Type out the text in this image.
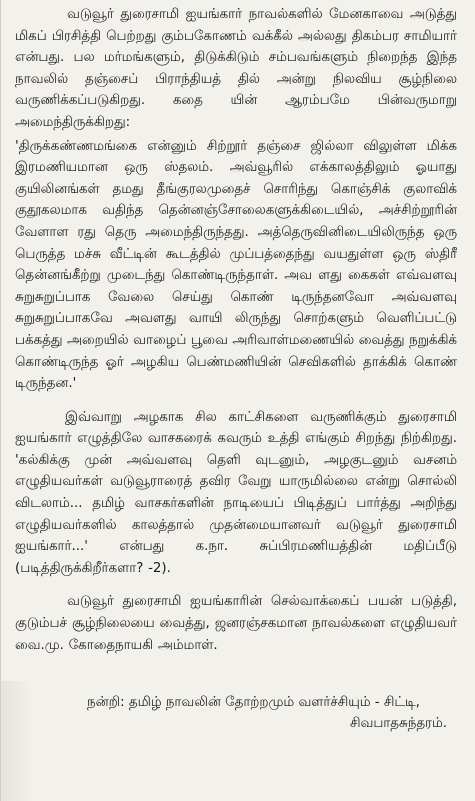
வடுவூர் துரைசாமி ஐயங்கார் நாவல்களில் மேனகாவை அடுத்து மிகப் பிரசித்தி பெற்றது கும்பகோணம் வக்கீல் அல்லது திகம்பர சாமியார் என்பது. பல மர்மங்களும், திடுக்கிடும் சம்பவங்களும் நிறைந்த இந்த நாவலில் தஞ்சைப் பிராந்தியத் தில் அன்று நிலவிய சூழ்நிலை வருணிக்கப்படுகிறது. கதை யின் ஆரம்பமே பின்வருமாறு அமைந்திருக்கிறது:

'திருக்கண்ணமங்கை என்னும் சிற்றூர் தஞ்சை ஜில்லா விலுள்ள மிக்க இரமணியமான ஒரு ஸ்தலம். அவ்வூரில் எக்காலத்திலும் ஓயாது குயிலினங்கள் தமது தீங்குரலமுதைச் சொரிந்து கொஞ்சிக் குலாவிக் குதூகலமாக வதிந்த தென்னஞ்சோலைகளுக்கிடையில், அச்சிற்றூரின் வேளாள ரது தெரு அமைந்திருந்தது. அத்தெருவினிடையிலிருந்த ஒரு பெருத்த மச்சு வீட்டின் கூடத்தில் முப்பத்தைந்து வயதுள்ள ஒரு ஸ்திரீ தென்னங்கீற்று முடைந்து கொண்டிருந்தாள். அவ ளது கைகள் எவ்வளவு சுறுசுறுப்பாக வேலை செய்து கொண் டிருந்தனவோ அவ்வளவு சுறுசுறுப்பாகவே அவளது வாயி லிருந்து சொற்களும் வெளிப்பட்டு பக்கத்து அறையில் வாழைப் பூவை அரிவாள்மணையில் வைத்து நறுக்கிக் கொண்டிருந்த ஓர் அழகிய பெண்மணியின் செவிகளில் தாக்கிக் கொண் டிருந்தன.'

இவ்வாறு அழகாக சில காட்சிகளை வருணிக்கும் துரைசாமி ஐயங்கார் எழுத்திலே வாசகரைக் கவரும் உத்தி எங்கும் சிறந்து நிற்கிறது. 'கல்கிக்கு முன் அவ்வளவு தெளி வுடனும், அழகுடனும் வசனம் எழுதியவர்கள் வடுவூராரைத் தவிர வேறு யாருமில்லை என்று சொல்லி விடலாம்... தமிழ் வாசகர்களின் நாடியைப் பிடித்துப் பார்த்து அறிந்து எழுதியவர்களில் காலத்தால் முதன்மையானவர் வடுவூர் துரைசாமி ஐயங்கார்...' என்பது க.நா. சுப்பிரமணியத்தின் மதிப்பீடு (படித்திருக்கிறீர்களா? -2).

வடுவூர் துரைசாமி ஐயங்காரின் செல்வாக்கைப் பயன் படுத்தி, குடும்பச் சூழ்நிலையை வைத்து, ஜனரஞ்சகமான நாவல்களை எழுதியவர் வை.மு. கோதைநாயகி அம்மாள்.

நன்றி: தமிழ் நாவலின் தோற்றமும் வளர்ச்சியும் - சிட்டி,

சிவபாதசுந்தரம்.
